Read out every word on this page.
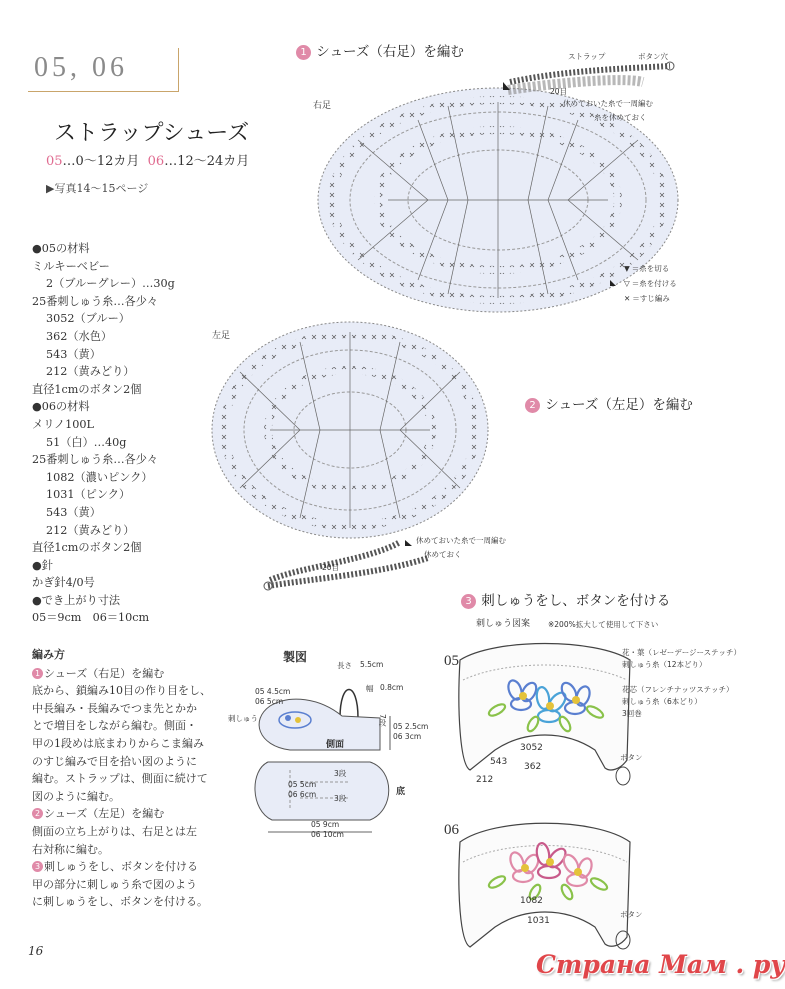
05, 06
ストラップシューズ
05…0～12カ月 06…12～24カ月
▶写真14～15ページ
●05の材料
ミルキーベビー
2（ブルーグレー）…30g
25番刺しゅう糸…各少々
3052（ブルー）
362（水色）
543（黄）
212（黄みどり）
直径1cmのボタン2個
●06の材料
メリノ100L
51（白）…40g
25番刺しゅう糸…各少々
1082（濃いピンク）
1031（ピンク）
543（黄）
212（黄みどり）
直径1cmのボタン2個
●針
かぎ針4/0号
●でき上がり寸法
05＝9cm　06＝10cm
編み方
1 シューズ（右足）を編む
底から、鎖編み10目の作り目をし、
中長編み・長編みでつま先とかか
とで増目をしながら編む。側面・
甲の1段めは底まわりからこま編み
のすじ編みで目を拾い図のように
編む。ストラップは、側面に続けて
図のように編む。
2 シューズ（左足）を編む
側面の立ち上がりは、右足とは左
右対称に編む。
3 刺しゅうをし、ボタンを付ける
甲の部分に刺しゅう糸で図のよう
に刺しゅうをし、ボタンを付ける。
1 シューズ（右足）を編む
右足
ストラップ	ボタン穴
20目
休めておいた糸で一周編む
糸を休めておく
▼ ＝糸を切る
▽ ＝糸を付ける
✕ ＝すじ編み
左足
休めておいた糸で一周編む
休めておく
20目
2 シューズ（左足）を編む
製図
長さ 5.5cm
幅 0.8cm
05 4.5cm
06 5cm
刺しゅう
側面
05 2.5cm
06 3cm
7段
3段
3段
05 5cm
06 6cm	底
05 9cm
06 10cm
3 刺しゅうをし、ボタンを付ける
刺しゅう図案 ※200%拡大して使用して下さい
05
花・葉（レゼーデージーステッチ）
刺しゅう糸（12本どり）
花芯（フレンチナッツステッチ）
刺しゅう糸（6本どり）
3回巻
3052
543 362
212
ボタン
06
1082
1031
ボタン
16	Страна Мам . ру
